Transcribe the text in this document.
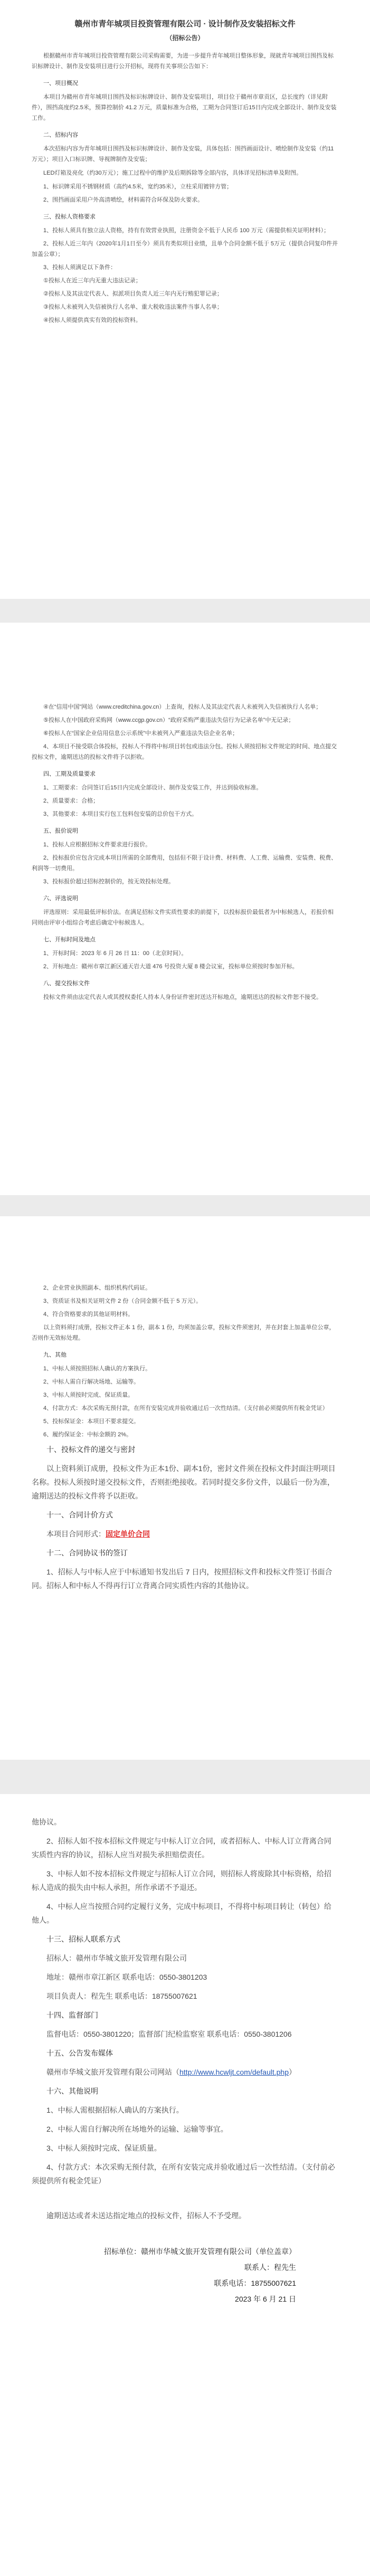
赣州市青年城项目投资管理有限公司 · 设计制作及安装招标文件

（招标公告）

根据赣州市青年城项目投资管理有限公司采购需要，为进一步提升青年城项目整体形象，现就青年城项目围挡及标识标牌设计、制作及安装项目进行公开招标，现将有关事项公告如下：

一、项目概况

本项目为赣州市青年城项目围挡及标识标牌设计、制作及安装项目，项目位于赣州市章贡区，总长度约（详见附件），围挡高度约2.5米，预算控制价 41.2 万元，质量标准为合格，工期为合同签订后15日内完成全部设计、制作及安装工作。

二、招标内容

本次招标内容为青年城项目围挡及标识标牌设计、制作及安装，具体包括：围挡画面设计、喷绘制作及安装（约11万元）；项目入口标识牌、导视牌制作及安装；

LED灯箱及亮化（约30万元）；施工过程中的维护及后期拆除等全部内容，具体详见招标清单及附图。

1、标识牌采用不锈钢材质（高约4.5米，宽约35米），立柱采用镀锌方管；

2、围挡画面采用户外高清喷绘，材料需符合环保及防火要求。

三、投标人资格要求

1、投标人须具有独立法人资格，持有有效营业执照，注册资金不低于人民币 100 万元（需提供相关证明材料）；

2、投标人近三年内（2020年1月1日至今）须具有类似项目业绩，且单个合同金额不低于 5万元（提供合同复印件并加盖公章）；

3、投标人须满足以下条件：

①投标人在近三年内无重大违法记录；

②投标人及其法定代表人、拟派项目负责人近三年内无行贿犯罪记录；

③投标人未被列入失信被执行人名单、重大税收违法案件当事人名单；

④投标人须提供真实有效的投标资料。

④在“信用中国”网站（www.creditchina.gov.cn）上查询，投标人及其法定代表人未被列入失信被执行人名单；

⑤投标人在中国政府采购网（www.ccgp.gov.cn）“政府采购严重违法失信行为记录名单”中无记录；

⑥投标人在“国家企业信用信息公示系统”中未被列入严重违法失信企业名单；

4、本项目不接受联合体投标，投标人不得将中标项目转包或违法分包。投标人须按招标文件规定的时间、地点提交投标文件，逾期送达的投标文件将予以拒收。

四、工期及质量要求

1、工期要求：合同签订后15日内完成全部设计、制作及安装工作，并达到验收标准。

2、质量要求：合格；

3、其他要求：本项目实行包工包料包安装的总价包干方式。

五、报价说明

1、投标人应根据招标文件要求进行报价。

2、投标报价应包含完成本项目所需的全部费用，包括但不限于设计费、材料费、人工费、运输费、安装费、税费、利润等一切费用。

3、投标报价超过招标控制价的，按无效投标处理。

六、评选说明

评选原则：采用最低评标价法。在满足招标文件实质性要求的前提下，以投标报价最低者为中标候选人，若报价相同则由评审小组综合考虑后确定中标候选人。

七、开标时间及地点

1、开标时间：2023 年 6 月 26 日 11：00（北京时间）。

2、开标地点：赣州市章江新区通天岩大道 476 号投资大厦 8 楼会议室，投标单位须按时参加开标。

八、提交投标文件

投标文件须由法定代表人或其授权委托人持本人身份证件密封送达开标地点，逾期送达的投标文件恕不接受。

2、企业营业执照副本、组织机构代码证。

3、资质证书及相关证明文件 2 份（合同金额不低于 5 万元）。

4、符合资格要求的其他证明材料。

以上资料须打成册，投标文件正本 1 份，副本 1 份，均须加盖公章，投标文件须密封，并在封套上加盖单位公章，否则作无效标处理。

九、其他

1、中标人须按照招标人确认的方案执行。

2、中标人需自行解决场地、运输等。

3、中标人须按时完成、保证质量。

4、付款方式：本次采购无预付款，在所有安装完成并验收通过后一次性结清。（支付前必须提供所有税金凭证）

5、投标保证金：本项目不要求提交。

6、履约保证金：中标金额的 2%。

十、投标文件的递交与密封

以上资料须订成册，投标文件为正本1份、副本1份，密封文件须在投标文件封面注明项目名称。投标人须按时递交投标文件，否则拒绝接收。若同时提交多份文件，以最后一份为准，逾期送达的投标文件将予以拒收。

十一、合同计价方式

本项目合同形式：固定单价合同

十二、合同协议书的签订

1、招标人与中标人应于中标通知书发出后 7 日内，按照招标文件和投标文件签订书面合同。招标人和中标人不得再行订立背离合同实质性内容的其他协议。

他协议。

2、招标人如不按本招标文件规定与中标人订立合同，或者招标人、中标人订立背离合同实质性内容的协议，招标人应当对损失承担赔偿责任。

3、中标人如不按本招标文件规定与招标人订立合同，则招标人将废除其中标资格，给招标人造成的损失由中标人承担，所作承诺不予退还。

4、中标人应当按照合同约定履行义务，完成中标项目，不得将中标项目转让（转包）给他人。

十三、招标人联系方式

招标人：赣州市华城文旅开发管理有限公司

地址：赣州市章江新区 联系电话：0550-3801203

项目负责人：程先生 联系电话：18755007621

十四、监督部门

监督电话：0550-3801220；监督部门纪检监察室 联系电话：0550-3801206

十五、公告发布媒体

赣州市华城文旅开发管理有限公司网站（http://www.hcwljt.com/default.php）

十六、其他说明

1、中标人需根据招标人确认的方案执行。

2、中标人需自行解决所在场地外的运输、运输等事宜。

3、中标人须按时完成、保证质量。

4、付款方式：本次采购无预付款，在所有安装完成并验收通过后一次性结清。（支付前必须提供所有税金凭证）

逾期送达或者未送达指定地点的投标文件，招标人不予受理。

招标单位：赣州市华城文旅开发管理有限公司（单位盖章）

联系人：程先生

联系电话：18755007621

2023 年 6 月 21 日
